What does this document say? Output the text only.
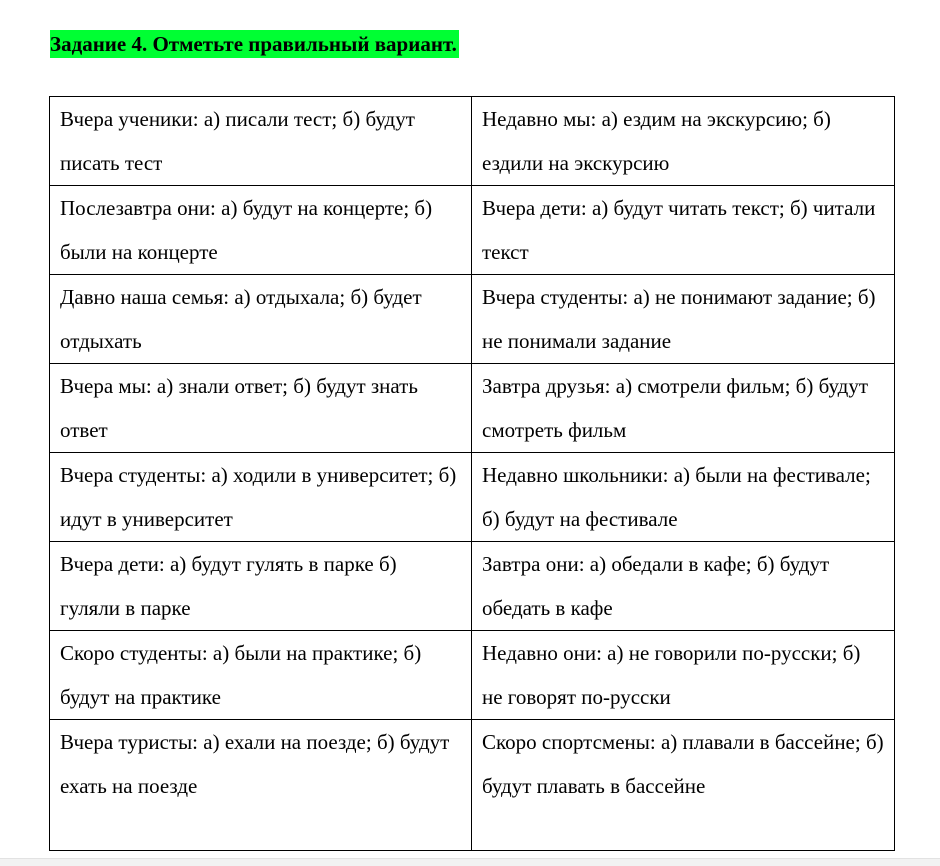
Задание 4. Отметьте правильный вариант.
Вчера ученики: а) писали тест; б) будут писать тест	Недавно мы: а) ездим на экскурсию; б) ездили на экскурсию
Послезавтра они: а) будут на концерте; б) были на концерте	Вчера дети: а) будут читать текст; б) читали текст
Давно наша семья: а) отдыхала; б) будет отдыхать	Вчера студенты: а) не понимают задание; б) не понимали задание
Вчера мы: а) знали ответ; б) будут знать ответ	Завтра друзья: а) смотрели фильм; б) будут смотреть фильм
Вчера студенты: а) ходили в университет; б) идут в университет	Недавно школьники: а) были на фестивале; б) будут на фестивале
Вчера дети: а) будут гулять в парке б) гуляли в парке	Завтра они: а) обедали в кафе; б) будут обедать в кафе
Скоро студенты: а) были на практике; б) будут на практике	Недавно они: а) не говорили по-русски; б) не говорят по-русски
Вчера туристы: а) ехали на поезде; б) будут ехать на поезде	Скоро спортсмены: а) плавали в бассейне; б) будут плавать в бассейне
